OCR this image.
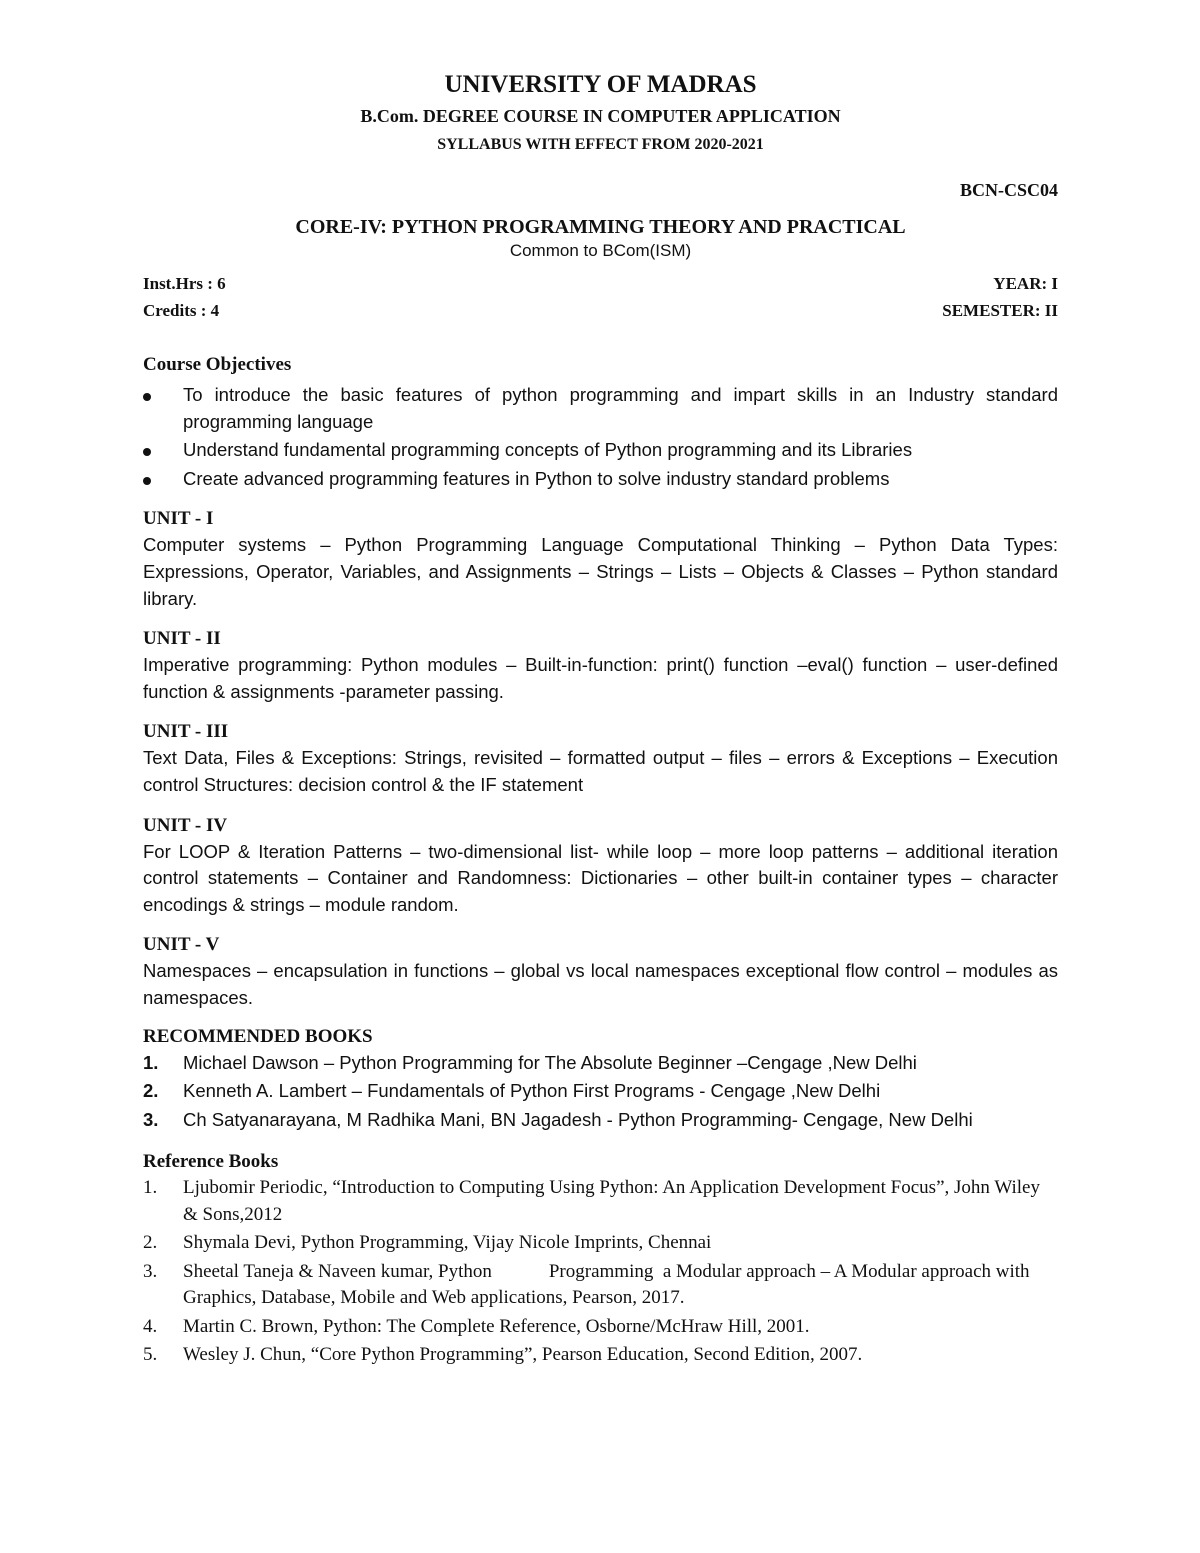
UNIVERSITY OF MADRAS
B.Com. DEGREE COURSE IN COMPUTER APPLICATION
SYLLABUS WITH EFFECT FROM 2020-2021
BCN-CSC04
CORE-IV: PYTHON PROGRAMMING THEORY AND PRACTICAL
Common to BCom(ISM)
Inst.Hrs : 6	YEAR: I
Credits : 4	SEMESTER: II
Course Objectives
To introduce the basic features of python programming and impart skills in an Industry standard programming language
Understand fundamental programming concepts of Python programming and its Libraries
Create advanced programming features in Python to solve industry standard problems
UNIT - I
Computer systems – Python Programming Language Computational Thinking – Python Data Types: Expressions, Operator, Variables, and Assignments – Strings – Lists – Objects & Classes – Python standard library.
UNIT - II
Imperative programming: Python modules – Built-in-function: print() function –eval() function – user-defined function & assignments -parameter passing.
UNIT - III
Text Data, Files & Exceptions: Strings, revisited – formatted output – files – errors & Exceptions – Execution control Structures: decision control & the IF statement
UNIT - IV
For LOOP & Iteration Patterns – two-dimensional list- while loop – more loop patterns – additional iteration control statements – Container and Randomness: Dictionaries – other built-in container types – character encodings & strings – module random.
UNIT - V
Namespaces – encapsulation in functions – global vs local namespaces exceptional flow control – modules as namespaces.
RECOMMENDED BOOKS
1. Michael Dawson – Python Programming for The Absolute Beginner –Cengage ,New Delhi
2. Kenneth A. Lambert – Fundamentals of Python First Programs - Cengage ,New Delhi
3. Ch Satyanarayana, M Radhika Mani, BN Jagadesh - Python Programming- Cengage, New Delhi
Reference Books
1. Ljubomir Periodic, “Introduction to Computing Using Python: An Application Development Focus”, John Wiley & Sons,2012
2. Shymala Devi, Python Programming, Vijay Nicole Imprints, Chennai
3. Sheetal Taneja & Naveen kumar, Python            Programming  a Modular approach – A Modular approach with Graphics, Database, Mobile and Web applications, Pearson, 2017.
4. Martin C. Brown, Python: The Complete Reference, Osborne/McHraw Hill, 2001.
5. Wesley J. Chun, “Core Python Programming”, Pearson Education, Second Edition, 2007.
